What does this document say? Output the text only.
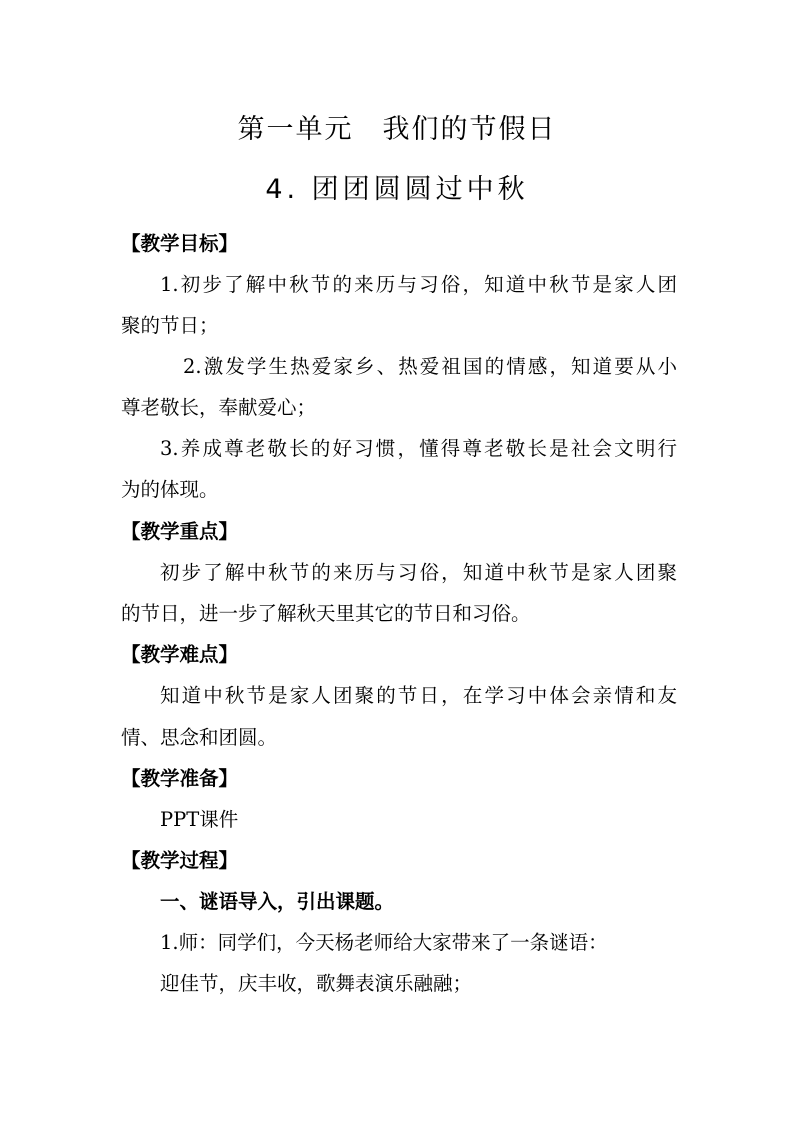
第一单元　我们的节假日
4. 团团圆圆过中秋
【教学目标】
1.初步了解中秋节的来历与习俗，知道中秋节是家人团
聚的节日；
2.激发学生热爱家乡、热爱祖国的情感，知道要从小
尊老敬长，奉献爱心；
3.养成尊老敬长的好习惯，懂得尊老敬长是社会文明行
为的体现。
【教学重点】
初步了解中秋节的来历与习俗，知道中秋节是家人团聚
的节日，进一步了解秋天里其它的节日和习俗。
【教学难点】
知道中秋节是家人团聚的节日，在学习中体会亲情和友
情、思念和团圆。
【教学准备】
PPT课件
【教学过程】
一、谜语导入，引出课题。
1.师：同学们，今天杨老师给大家带来了一条谜语：
迎佳节，庆丰收，歌舞表演乐融融；
